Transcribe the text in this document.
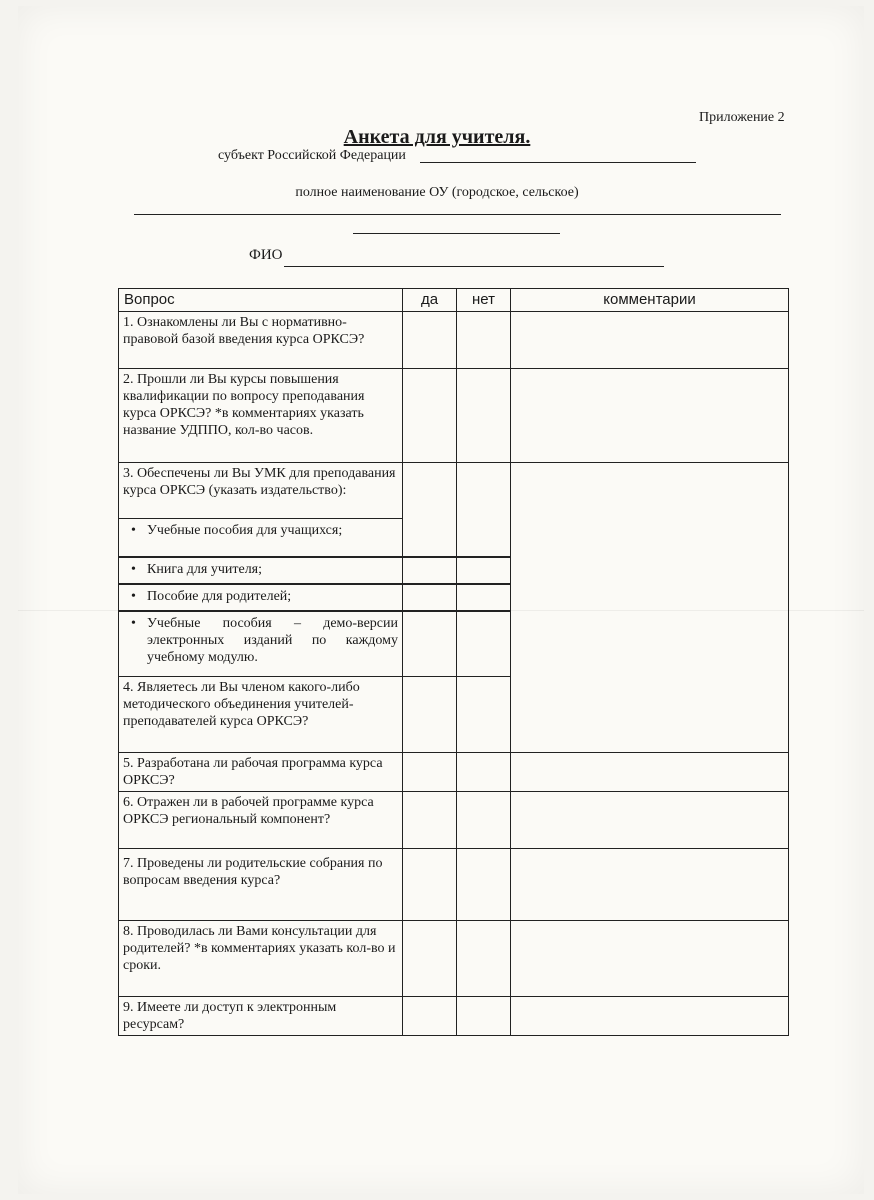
Приложение 2
Анкета для учителя.
субъект Российской Федерации
полное наименование ОУ (городское, сельское)
ФИО
Вопрос	да	нет	комментарии	
1. Ознакомлены ли Вы с нормативно-правовой базой введения курса ОРКСЭ?				
2. Прошли ли Вы курсы повышения квалификации по вопросу преподавания курса ОРКСЭ? *в комментариях указать название УДППО, кол-во часов.				
3. Обеспечены ли Вы УМК для преподавания курса ОРКСЭ (указать издательство):				
• Учебные пособия для учащихся;
• Книга для учителя;		
• Пособие для родителей;		
• Учебные пособия – демо-версии электронных изданий по каждому учебному модулю.		
4. Являетесь ли Вы членом какого-либо методического объединения учителей-преподавателей курса ОРКСЭ?				
5. Разработана ли рабочая программа курса ОРКСЭ?				
6. Отражен ли в рабочей программе курса ОРКСЭ региональный компонент?				
7. Проведены ли родительские собрания по вопросам введения курса?				
8. Проводилась ли Вами консультации для родителей? *в комментариях указать кол-во и сроки.				
9. Имеете ли доступ к электронным ресурсам?				
